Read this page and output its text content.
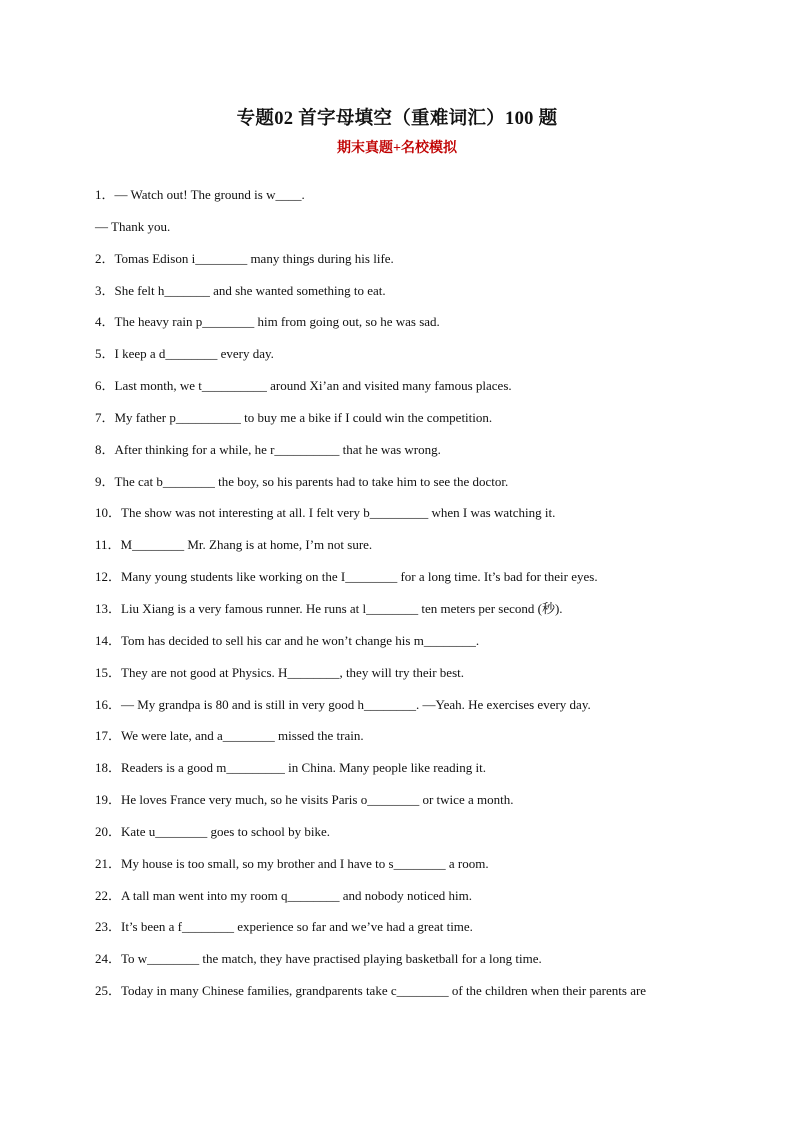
专题02 首字母填空（重难词汇）100 题
期末真题+名校模拟
1．— Watch out! The ground is w____.
— Thank you.
2．Tomas Edison i________ many things during his life.
3．She felt h_______ and she wanted something to eat.
4．The heavy rain p________ him from going out, so he was sad.
5．I keep a d________ every day.
6．Last month, we t__________ around Xi’an and visited many famous places.
7．My father p__________ to buy me a bike if I could win the competition.
8．After thinking for a while, he r__________ that he was wrong.
9．The cat b________ the boy, so his parents had to take him to see the doctor.
10．The show was not interesting at all. I felt very b_________ when I was watching it.
11．M________ Mr. Zhang is at home, I’m not sure.
12．Many young students like working on the I________ for a long time. It’s bad for their eyes.
13．Liu Xiang is a very famous runner. He runs at l________ ten meters per second (秒).
14．Tom has decided to sell his car and he won’t change his m________.
15．They are not good at Physics. H________, they will try their best.
16．— My grandpa is 80 and is still in very good h________. —Yeah. He exercises every day.
17．We were late, and a________ missed the train.
18．Readers is a good m_________ in China. Many people like reading it.
19．He loves France very much, so he visits Paris o________ or twice a month.
20．Kate u________ goes to school by bike.
21．My house is too small, so my brother and I have to s________ a room.
22．A tall man went into my room q________ and nobody noticed him.
23．It’s been a f________ experience so far and we’ve had a great time.
24．To w________ the match, they have practised playing basketball for a long time.
25．Today in many Chinese families, grandparents take c________ of the children when their parents are
